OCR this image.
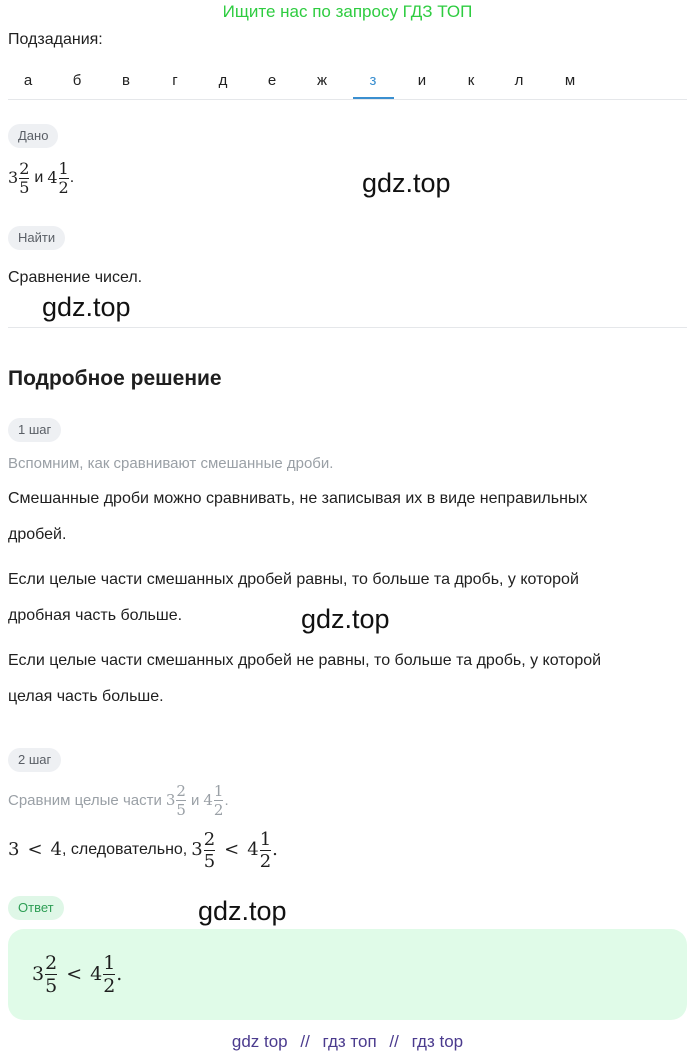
Ищите нас по запросу ГДЗ ТОП
Подзадания:
а	б	в	г	д	е	ж	з	и	к	л	м
Дано
$3 \frac{2}{5}$ и $4 \frac{1}{2}$ .	gdz.top
Найти
Сравнение чисел.
gdz.top
Подробное решение
1 шаг
Вспомним, как сравнивают смешанные дроби.
Смешанные дроби можно сравнивать, не записывая их в виде неправильных
дробей.
Если целые части смешанных дробей равны, то больше та дробь, у которой
дробная часть больше.	gdz.top
Если целые части смешанных дробей не равны, то больше та дробь, у которой
целая часть больше.
2 шаг
Сравним целые части $3 \frac{2}{5}$ и $4 \frac{1}{2}$ .
3 < 4 , следовательно, $3 \frac{2}{5} < 4 \frac{1}{2}$ .
Ответ	gdz.top
$3 \frac{2}{5} < 4 \frac{1}{2}$ .
gdz top // гдз топ // гдз top
